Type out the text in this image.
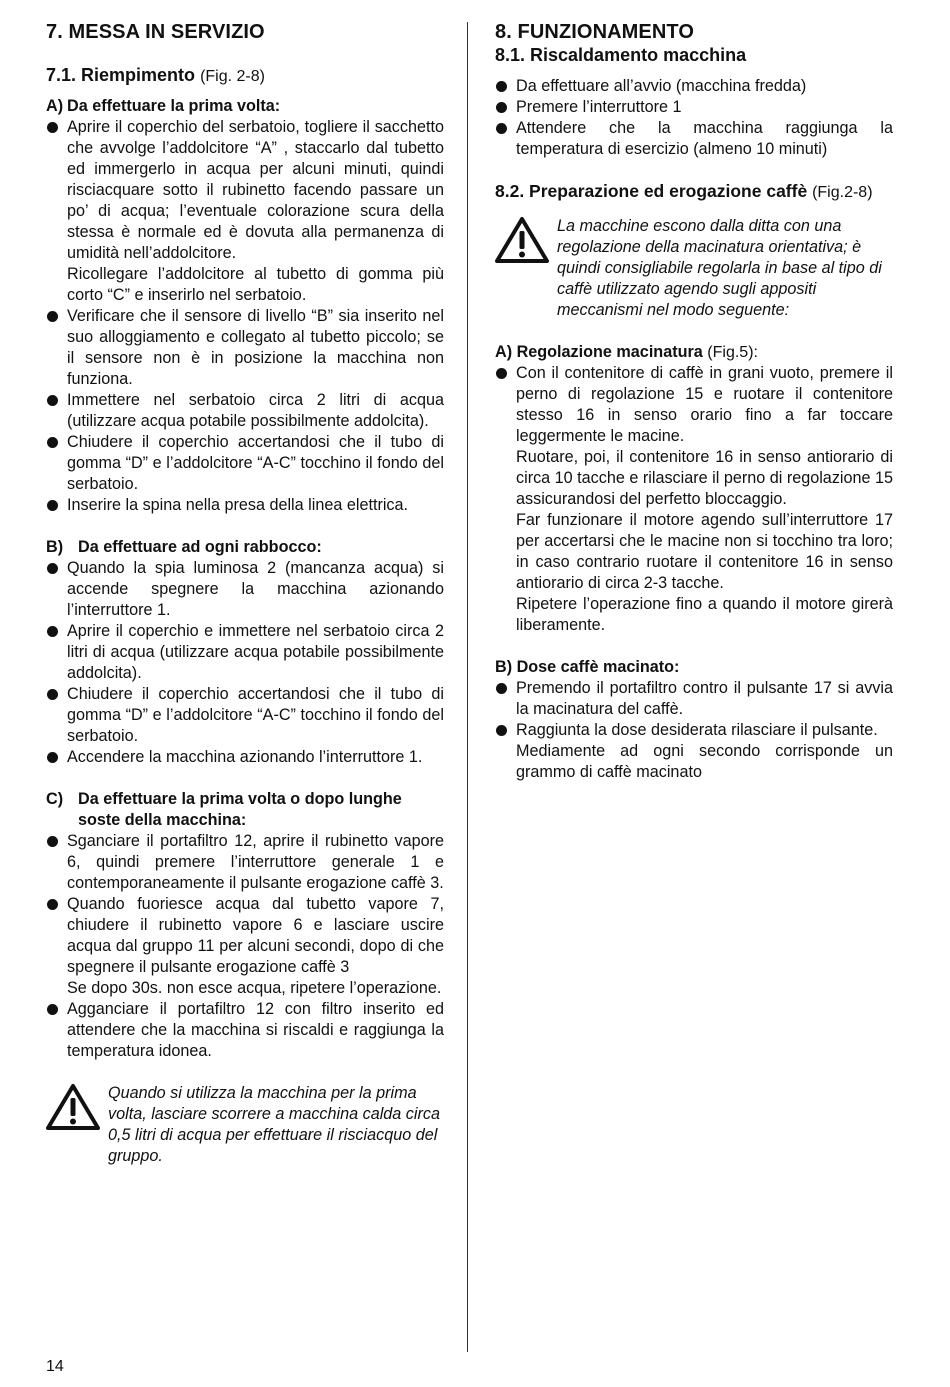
7. MESSA IN SERVIZIO
7.1. Riempimento (Fig. 2-8)
A) Da effettuare la prima volta:

Aprire il coperchio del serbatoio, togliere il sacchetto che avvolge l’addolcitore “A” , staccarlo dal tubetto ed immergerlo in acqua per alcuni minuti, quindi risciacquare sotto il rubinetto facendo passare un po’ di acqua; l’eventuale colorazione scura della stessa è normale ed è dovuta alla permanenza di umidità nell’addolcitore.

Ricollegare l’addolcitore al tubetto di gomma più corto “C” e inserirlo nel serbatoio.

Verificare che il sensore di livello “B” sia inserito nel suo alloggiamento e collegato al tubetto piccolo; se il sensore non è in posizione la macchina non funziona.

Immettere nel serbatoio circa 2 litri di acqua (utilizzare acqua potabile possibilmente addolcita).

Chiudere il coperchio accertandosi che il tubo di gomma “D” e l’addolcitore “A-C” tocchino il fondo del serbatoio.

Inserire la spina nella presa della linea elettrica.

B) Da effettuare ad ogni rabbocco:

Quando la spia luminosa 2 (mancanza acqua) si accende spegnere la macchina azionando l’interruttore 1.

Aprire il coperchio e immettere nel serbatoio circa 2 litri di acqua (utilizzare acqua potabile possibilmente addolcita).

Chiudere il coperchio accertandosi che il tubo di gomma “D” e l’addolcitore “A-C” tocchino il fondo del serbatoio.

Accendere la macchina azionando l’interruttore 1.

C) Da effettuare la prima volta o dopo lunghe soste della macchina:

Sganciare il portafiltro 12, aprire il rubinetto vapore 6, quindi premere l’interruttore generale 1 e contemporaneamente il pulsante erogazione caffè 3.

Quando fuoriesce acqua dal tubetto vapore 7, chiudere il rubinetto vapore 6 e lasciare uscire acqua dal gruppo 11 per alcuni secondi, dopo di che spegnere il pulsante erogazione caffè 3

Se dopo 30s. non esce acqua, ripetere l’operazione.

Agganciare il portafiltro 12 con filtro inserito ed attendere che la macchina si riscaldi e raggiunga la temperatura idonea.

Quando si utilizza la macchina per la prima volta, lasciare scorrere a macchina calda circa 0,5 litri di acqua per effettuare il risciacquo del gruppo.
8. FUNZIONAMENTO
8.1. Riscaldamento macchina

Da effettuare all’avvio (macchina fredda)

Premere l’interruttore 1

Attendere che la macchina raggiunga la temperatura di esercizio (almeno 10 minuti)

8.2. Preparazione ed erogazione caffè (Fig.2-8)
La macchine escono dalla ditta con una regolazione della macinatura orientativa; è quindi consigliabile regolarla in base al tipo di caffè utilizzato agendo sugli appositi meccanismi nel modo seguente:
A) Regolazione macinatura (Fig.5):

Con il contenitore di caffè in grani vuoto, premere il perno di regolazione 15 e ruotare il contenitore stesso 16 in senso orario fino a far toccare leggermente le macine.

Ruotare, poi, il contenitore 16 in senso antiorario di circa 10 tacche e rilasciare il perno di regolazione 15 assicurandosi del perfetto bloccaggio.

Far funzionare il motore agendo sull’interruttore 17 per accertarsi che le macine non si tocchino tra loro; in caso contrario ruotare il contenitore 16 in senso antiorario di circa 2-3 tacche.

Ripetere l’operazione fino a quando il motore girerà liberamente.

B) Dose caffè macinato:

Premendo il portafiltro contro il pulsante 17 si avvia la macinatura del caffè.

Raggiunta la dose desiderata rilasciare il pulsante.

Mediamente ad ogni secondo corrisponde un grammo di caffè macinato

14
